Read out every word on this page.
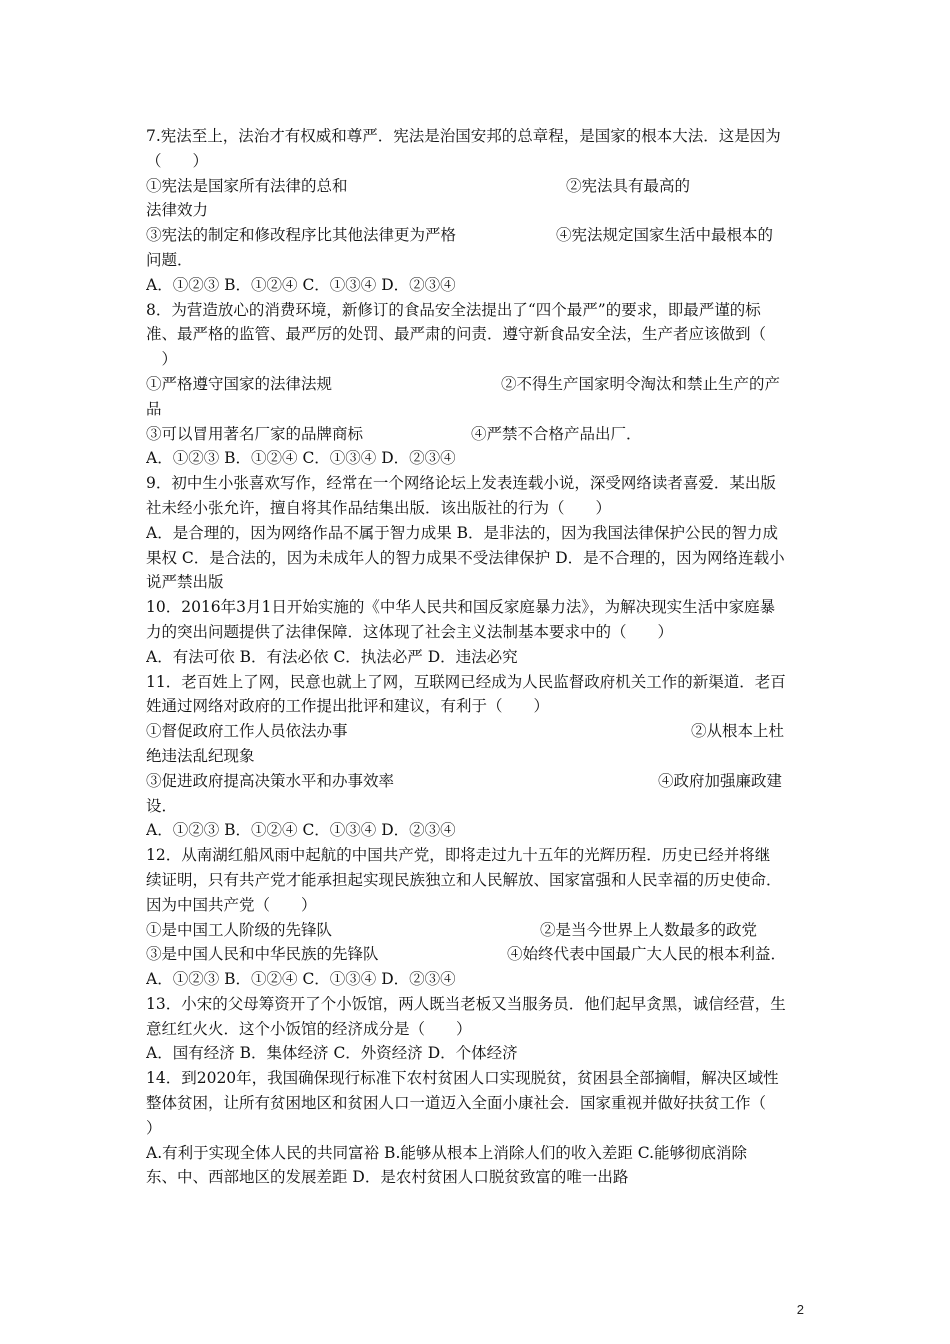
7.宪法至上，法治才有权威和尊严．宪法是治国安邦的总章程，是国家的根本大法．这是因为
（　　）
①宪法是国家所有法律的总和	②宪法具有最高的
法律效力
③宪法的制定和修改程序比其他法律更为严格	④宪法规定国家生活中最根本的
问题．
A．①②③ B．①②④ C．①③④ D．②③④
8．为营造放心的消费环境，新修订的食品安全法提出了“四个最严”的要求，即最严谨的标
准、最严格的监管、最严厉的处罚、最严肃的问责．遵守新食品安全法，生产者应该做到（
　）
①严格遵守国家的法律法规	②不得生产国家明令淘汰和禁止生产的产
品
③可以冒用著名厂家的品牌商标	④严禁不合格产品出厂．
A．①②③ B．①②④ C．①③④ D．②③④
9．初中生小张喜欢写作，经常在一个网络论坛上发表连载小说，深受网络读者喜爱．某出版
社未经小张允许，擅自将其作品结集出版．该出版社的行为（　　）
A．是合理的，因为网络作品不属于智力成果 B．是非法的，因为我国法律保护公民的智力成
果权 C．是合法的，因为未成年人的智力成果不受法律保护 D．是不合理的，因为网络连载小
说严禁出版
10．2016年3月1日开始实施的《中华人民共和国反家庭暴力法》，为解决现实生活中家庭暴
力的突出问题提供了法律保障．这体现了社会主义法制基本要求中的（　　）
A．有法可依 B．有法必依 C．执法必严 D．违法必究
11．老百姓上了网，民意也就上了网，互联网已经成为人民监督政府机关工作的新渠道．老百
姓通过网络对政府的工作提出批评和建议，有利于（　　）
①督促政府工作人员依法办事	②从根本上杜
绝违法乱纪现象
③促进政府提高决策水平和办事效率	④政府加强廉政建
设．
A．①②③ B．①②④ C．①③④ D．②③④
12．从南湖红船风雨中起航的中国共产党，即将走过九十五年的光辉历程．历史已经并将继
续证明，只有共产党才能承担起实现民族独立和人民解放、国家富强和人民幸福的历史使命．
因为中国共产党（　　）
①是中国工人阶级的先锋队	②是当今世界上人数最多的政党
③是中国人民和中华民族的先锋队	④始终代表中国最广大人民的根本利益．
A．①②③ B．①②④ C．①③④ D．②③④
13．小宋的父母筹资开了个小饭馆，两人既当老板又当服务员．他们起早贪黑，诚信经营，生
意红红火火．这个小饭馆的经济成分是（　　）
A．国有经济 B．集体经济 C．外资经济 D．个体经济
14．到2020年，我国确保现行标准下农村贫困人口实现脱贫，贫困县全部摘帽，解决区域性
整体贫困，让所有贫困地区和贫困人口一道迈入全面小康社会．国家重视并做好扶贫工作（
）
A.有利于实现全体人民的共同富裕 B.能够从根本上消除人们的收入差距 C.能够彻底消除
东、中、西部地区的发展差距 D．是农村贫困人口脱贫致富的唯一出路
2
